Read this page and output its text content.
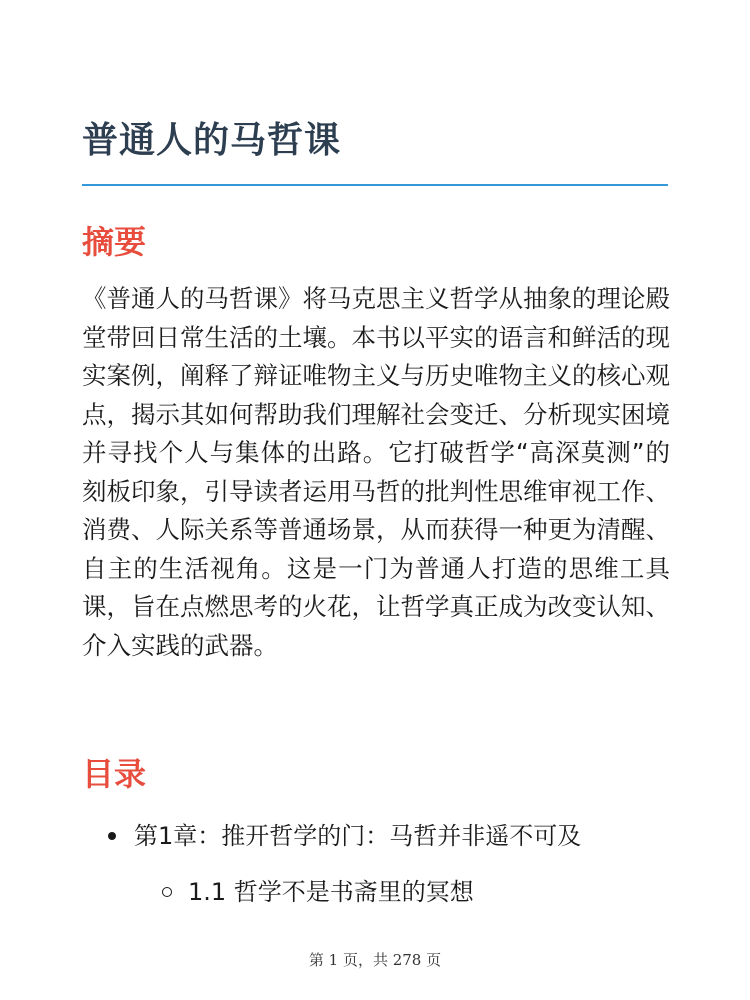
普通人的马哲课
摘要

《普通人的马哲课》将马克思主义哲学从抽象的理论殿堂带回日常生活的土壤。本书以平实的语言和鲜活的现实案例，阐释了辩证唯物主义与历史唯物主义的核心观点，揭示其如何帮助我们理解社会变迁、分析现实困境并寻找个人与集体的出路。它打破哲学“高深莫测”的刻板印象，引导读者运用马哲的批判性思维审视工作、消费、人际关系等普通场景，从而获得一种更为清醒、自主的生活视角。这是一门为普通人打造的思维工具课，旨在点燃思考的火花，让哲学真正成为改变认知、介入实践的武器。

目录
第1章：推开哲学的门：马哲并非遥不可及
1.1 哲学不是书斋里的冥想
第 1 页，共 278 页
